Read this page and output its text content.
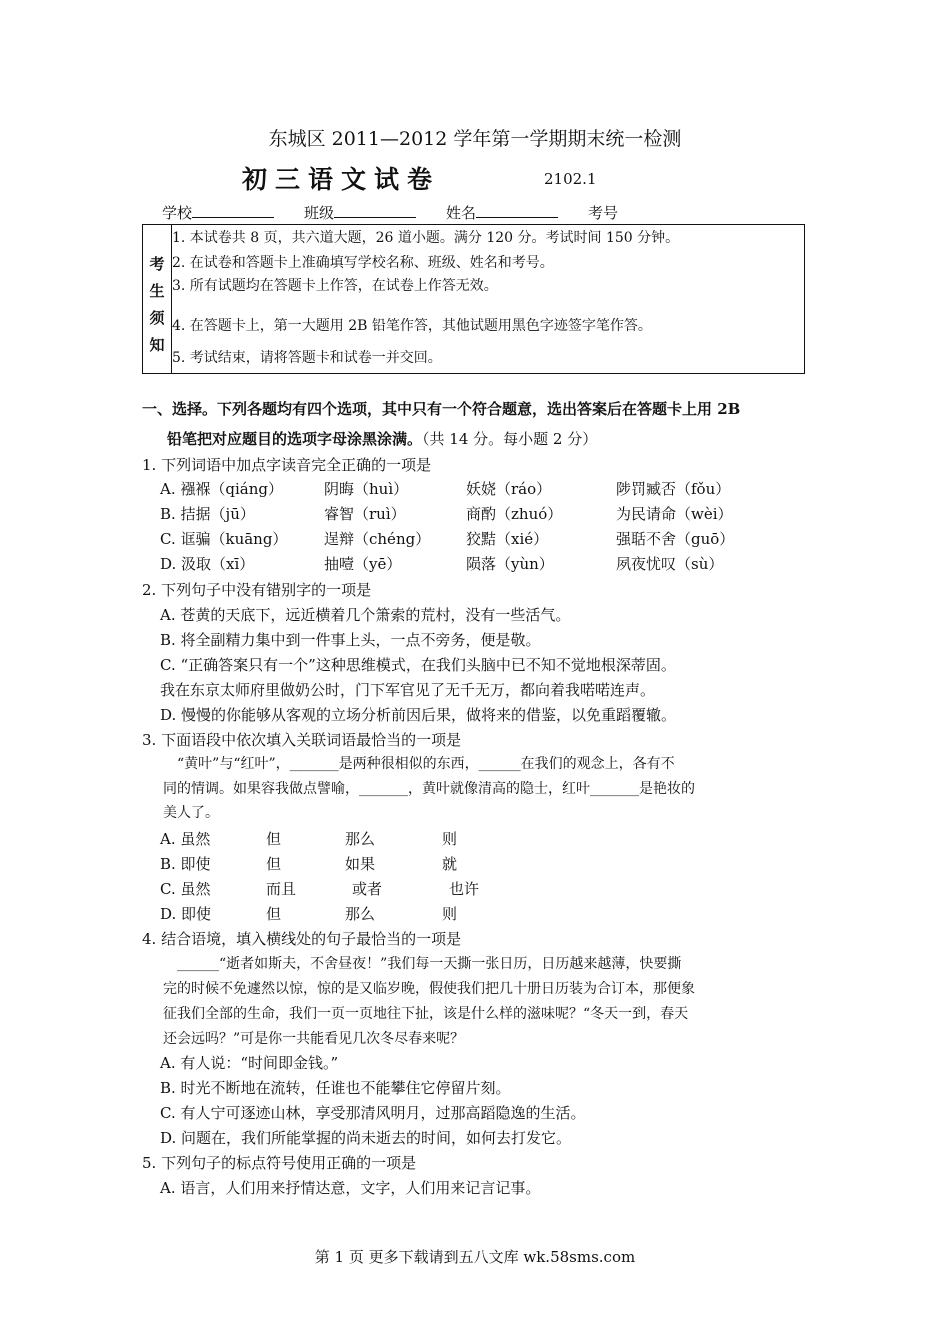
东城区 2011—2012 学年第一学期期末统一检测
初三语文试卷	2102.1
学校	班级	姓名	考号
考
生
须
知
	1. 本试卷共 8 页，共六道大题，26 道小题。满分 120 分。考试时间 150 分钟。
2. 在试卷和答题卡上准确填写学校名称、班级、姓名和考号。
3. 所有试题均在答题卡上作答，在试卷上作答无效。
4. 在答题卡上，第一大题用 2B 铅笔作答，其他试题用黑色字迹签字笔作答。
5. 考试结束，请将答题卡和试卷一并交回。
一、选择。下列各题均有四个选项，其中只有一个符合题意，选出答案后在答题卡上用 2B
铅笔把对应题目的选项字母涂黑涂满。（共 14 分。每小题 2 分）
1. 下列词语中加点字读音完全正确的一项是
A. 襁褓（qiáng）	阴晦（huì）	妖娆（ráo）	陟罚臧否（fǒu）
B. 拮据（jū）	睿智（ruì）	商酌（zhuó）	为民请命（wèi）
C. 诓骗（kuāng） 逞辩（chéng） 狡黠（xié）	强聒不舍（guō）
D. 汲取（xī）	抽噎（yē）	陨落（yùn）	夙夜忧叹（sù）
2. 下列句子中没有错别字的一项是
A. 苍黄的天底下，远近横着几个箫索的荒村，没有一些活气。
B. 将全副精力集中到一件事上头，一点不旁务，便是敬。
C. “正确答案只有一个”这种思维模式，在我们头脑中已不知不觉地根深蒂固。
我在东京太师府里做奶公时，门下军官见了无千无万，都向着我喏喏连声。
D. 慢慢的你能够从客观的立场分析前因后果，做将来的借鉴，以免重蹈覆辙。
3. 下面语段中依次填入关联词语最恰当的一项是
“黄叶”与“红叶”，_______是两种很相似的东西，______在我们的观念上，各有不
同的情调。如果容我做点譬喻，_______，黄叶就像清高的隐士，红叶_______是艳妆的
美人了。
A. 虽然	但	那么	则
B. 即使	但	如果	就
C. 虽然	而且	或者	也许
D. 即使	但	那么	则
4. 结合语境，填入横线处的句子最恰当的一项是
______“逝者如斯夫，不舍昼夜！”我们每一天撕一张日历，日历越来越薄，快要撕
完的时候不免遽然以惊，惊的是又临岁晚，假使我们把几十册日历装为合订本，那便象
征我们全部的生命，我们一页一页地往下扯，该是什么样的滋味呢？“冬天一到，春天
还会远吗？”可是你一共能看见几次冬尽春来呢？
A. 有人说：“时间即金钱。”
B. 时光不断地在流转，任谁也不能攀住它停留片刻。
C. 有人宁可逐迹山林，享受那清风明月，过那高蹈隐逸的生活。
D. 问题在，我们所能掌握的尚未逝去的时间，如何去打发它。
5. 下列句子的标点符号使用正确的一项是
A. 语言，人们用来抒情达意，文字，人们用来记言记事。
第 1 页 更多下载请到五八文库 wk.58sms.com
